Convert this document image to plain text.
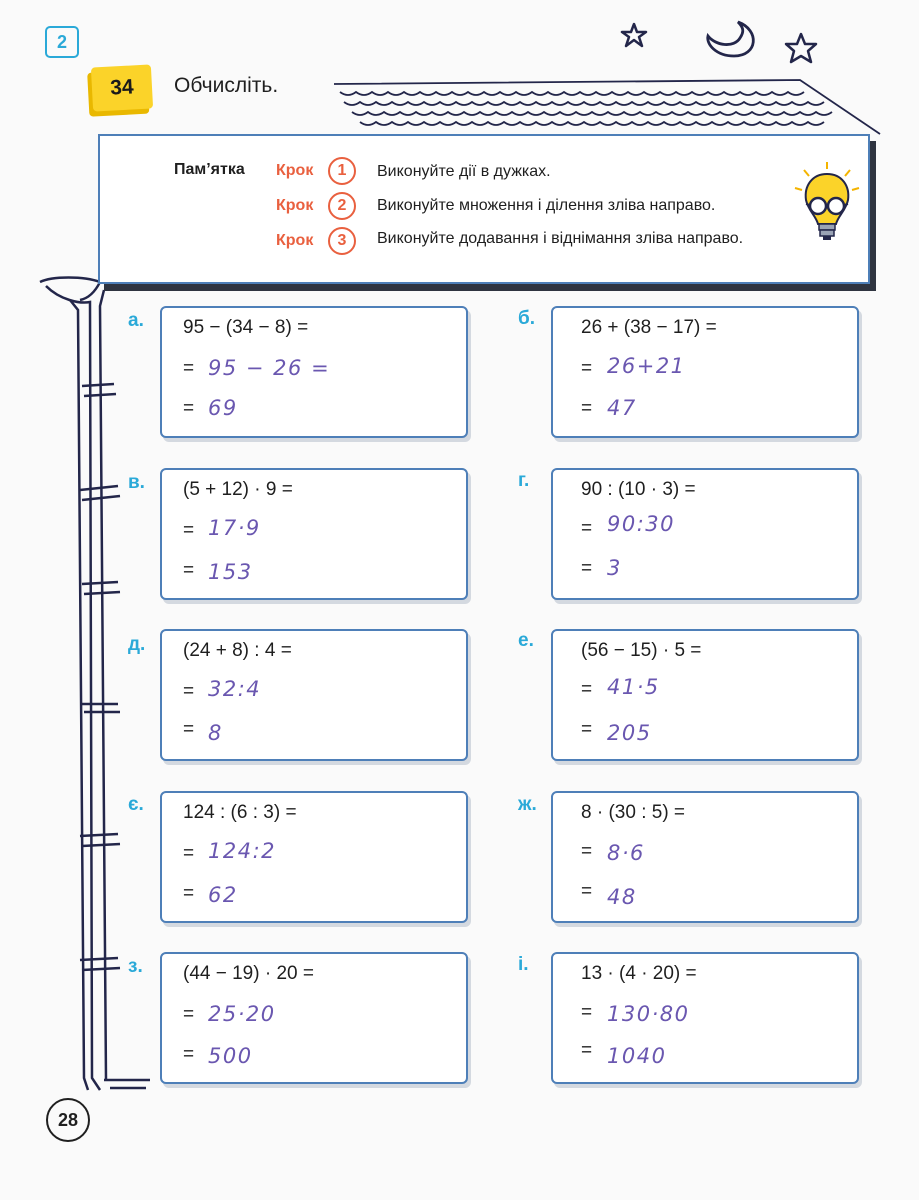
2
34	Обчисліть.
Пам’ятка Крок	1	Виконуйте дії в дужках.
Крок	2	Виконуйте множення і ділення зліва направо.
Крок	3	Виконуйте додавання і віднімання зліва направо.
а. 95 − (34 − 8) =
= 95 − 26 =
= 69
б. 26 + (38 − 17) =
= 26+21
= 47
в. (5 + 12) · 9 =
= 17·9
= 153
г.	90 : (10 · 3) =
= 90:30
= 3
д. (24 + 8) : 4 =
= 32:4
= 8
е. (56 − 15) · 5 =
= 41·5
= 205
є. 124 : (6 : 3) =
= 124:2
= 62
ж. 8 · (30 : 5) =
= 8·6
= 48
з. (44 − 19) · 20 =
= 25·20
= 500
і.	13 · (4 · 20) =
= 130·80
= 1040
28
